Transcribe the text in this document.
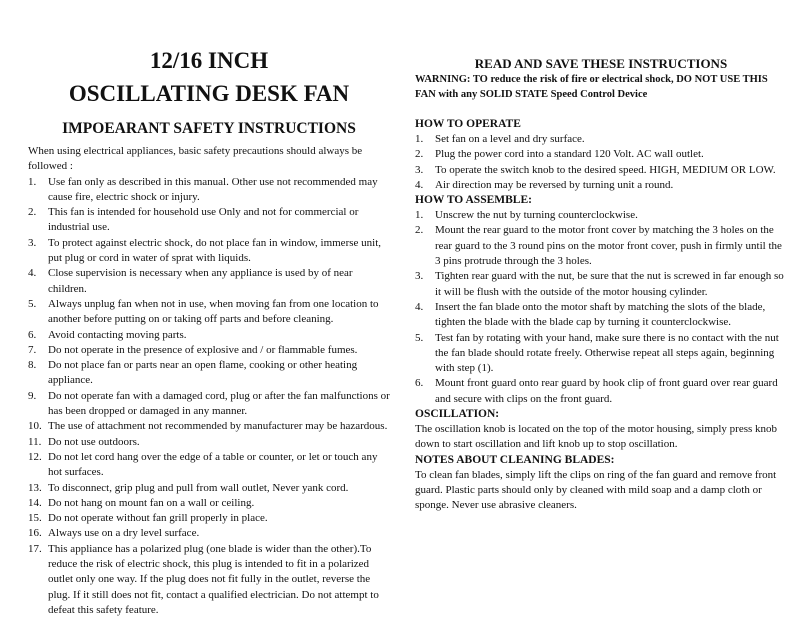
12/16 INCH
OSCILLATING DESK FAN
IMPOEARANT SAFETY INSTRUCTIONS

When using electrical appliances, basic safety precautions should always be followed :

1.	Use fan only as described in this manual. Other use not recommended may cause fire, electric shock or injury.
2.	This fan is intended for household use Only and not for commercial or industrial use.
3.	To protect against electric shock, do not place fan in window, immerse unit, put plug or cord in water of sprat with liquids.
4.	Close supervision is necessary when any appliance is used by of near children.
5.	Always unplug fan when not in use, when moving fan from one location to another before putting on or taking off parts and before cleaning.
6.	Avoid contacting moving parts.
7.	Do not operate in the presence of explosive and / or flammable fumes.
8.	Do not place fan or parts near an open flame, cooking or other heating appliance.
9.	Do not operate fan with a damaged cord, plug or after the fan malfunctions or has been dropped or damaged in any manner.
10. The use of attachment not recommended by manufacturer may be hazardous.
11. Do not use outdoors.
12. Do not let cord hang over the edge of a table or counter, or let or touch any hot surfaces.
13. To disconnect, grip plug and pull from wall outlet, Never yank cord.
14. Do not hang on mount fan on a wall or ceiling.
15. Do not operate without fan grill properly in place.
16. Always use on a dry level surface.
17. This appliance has a polarized plug (one blade is wider than the other).To reduce the risk of electric shock, this plug is intended to fit in a polarized outlet only one way. If the plug does not fit fully in the outlet, reverse the plug. If it still does not fit, contact a qualified electrician. Do not attempt to defeat this safety feature.
READ AND SAVE THESE INSTRUCTIONS

WARNING: TO reduce the risk of fire or electrical shock, DO NOT USE THIS FAN with any SOLID STATE Speed Control Device

HOW TO OPERATE

1.	Set fan on a level and dry surface.
2.	Plug the power cord into a standard 120 Volt. AC wall outlet.
3.	To operate the switch knob to the desired speed. HIGH, MEDIUM OR LOW.
4.	Air direction may be reversed by turning unit a round.

HOW TO ASSEMBLE:

1.	Unscrew the nut by turning counterclockwise.
2.	Mount the rear guard to the motor front cover by matching the 3 holes on the rear guard to the 3 round pins on the motor front cover, push in firmly until the 3 pins protrude through the 3 holes.
3.	Tighten rear guard with the nut, be sure that the nut is screwed in far enough so it will be flush with the outside of the motor housing cylinder.
4.	Insert the fan blade onto the motor shaft by matching the slots of the blade, tighten the blade with the blade cap by turning it counterclockwise.
5.	Test fan by rotating with your hand, make sure there is no contact with the nut the fan blade should rotate freely. Otherwise repeat all steps again, beginning with step (1).
6.	Mount front guard onto rear guard by hook clip of front guard over rear guard and secure with clips on the front guard.

OSCILLATION:

The oscillation knob is located on the top of the motor housing, simply press knob down to start oscillation and lift knob up to stop oscillation.

NOTES ABOUT CLEANING BLADES:

To clean fan blades, simply lift the clips on ring of the fan guard and remove front guard. Plastic parts should only by cleaned with mild soap and a damp cloth or sponge. Never use abrasive cleaners.
